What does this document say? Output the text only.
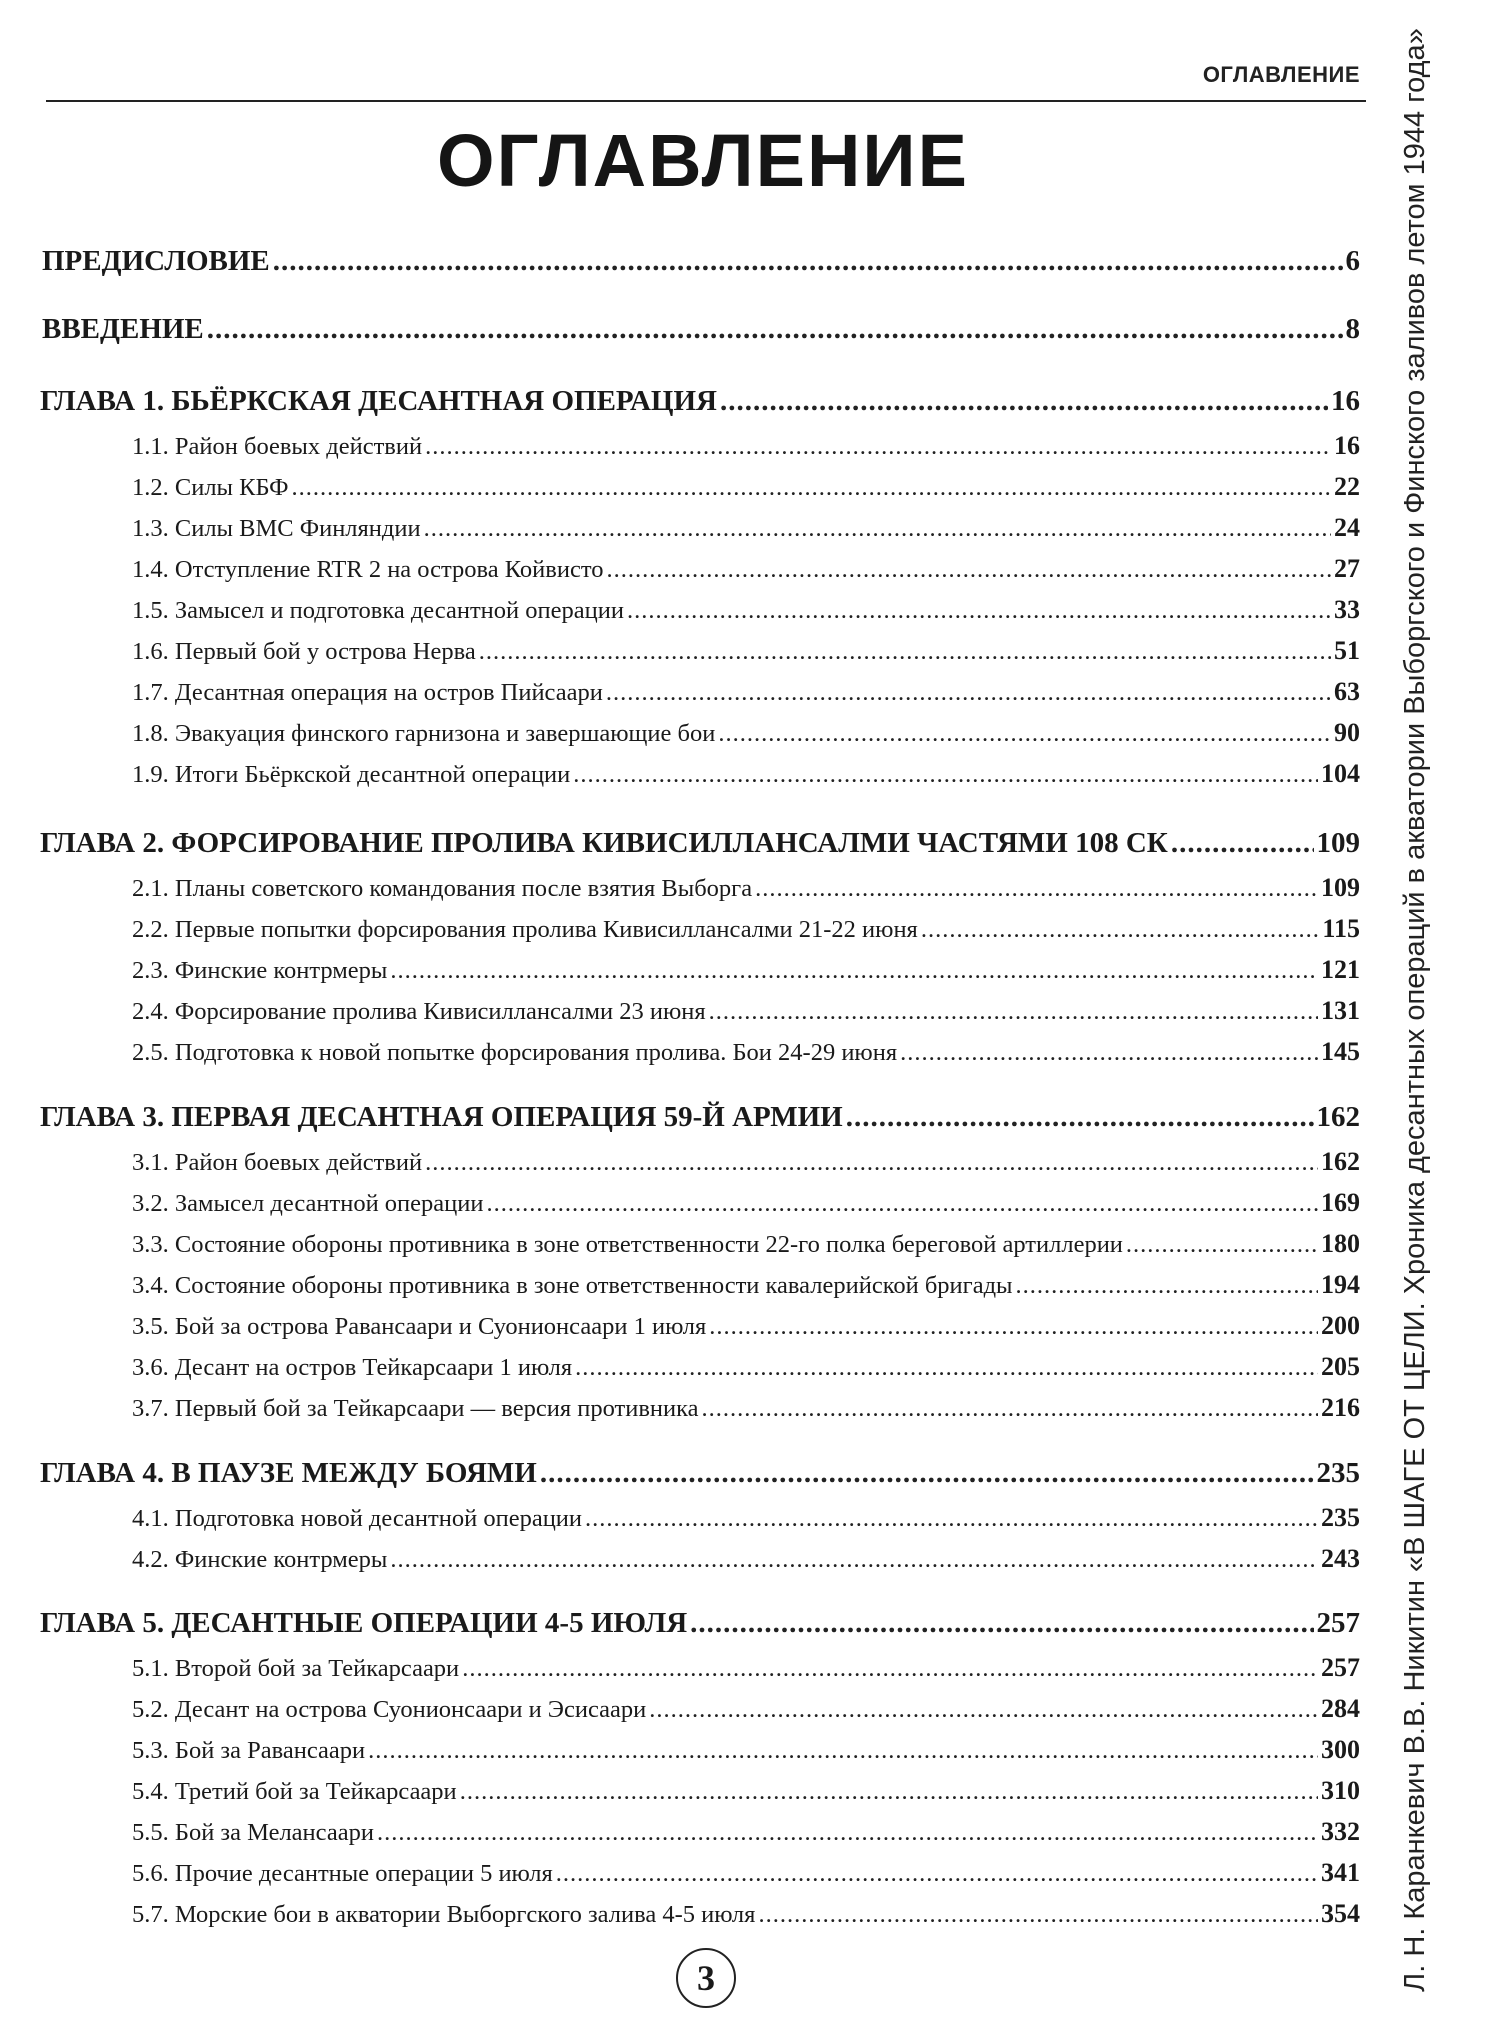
ОГЛАВЛЕНИЕ
ОГЛАВЛЕНИЕ
ПРЕДИСЛОВИЕ .....	6
ВВЕДЕНИЕ .....	8
ГЛАВА 1. БЬЁРКСКАЯ ДЕСАНТНАЯ ОПЕРАЦИЯ .....	16
1.1. Район боевых действий .....	16
1.2. Силы КБФ .....	22
1.3. Силы ВМС Финляндии .....	24
1.4. Отступление RTR 2 на острова Койвисто .....	27
1.5. Замысел и подготовка десантной операции .....	33
1.6. Первый бой у острова Нерва .....	51
1.7. Десантная операция на остров Пийсаари .....	63
1.8. Эвакуация финского гарнизона и завершающие бои .....	90
1.9. Итоги Бьёркской десантной операции .....	104
ГЛАВА 2. ФОРСИРОВАНИЕ ПРОЛИВА КИВИСИЛЛАНСАЛМИ ЧАСТЯМИ 108 СК .....	109
2.1. Планы советского командования после взятия Выборга .....	109
2.2. Первые попытки форсирования пролива Кивисиллансалми 21-22 июня .....	115
2.3. Финские контрмеры .....	121
2.4. Форсирование пролива Кивисиллансалми 23 июня .....	131
2.5. Подготовка к новой попытке форсирования пролива. Бои 24-29 июня .....	145
ГЛАВА 3. ПЕРВАЯ ДЕСАНТНАЯ ОПЕРАЦИЯ 59-Й АРМИИ .....	162
3.1. Район боевых действий .....	162
3.2. Замысел десантной операции .....	169
3.3. Состояние обороны противника в зоне ответственности 22-го полка береговой артиллерии .....	180
3.4. Состояние обороны противника в зоне ответственности кавалерийской бригады .....	194
3.5. Бой за острова Равансаари и Суонионсаари 1 июля .....	200
3.6. Десант на остров Тейкарсаари 1 июля .....	205
3.7. Первый бой за Тейкарсаари — версия противника .....	216
ГЛАВА 4. В ПАУЗЕ МЕЖДУ БОЯМИ .....	235
4.1. Подготовка новой десантной операции .....	235
4.2. Финские контрмеры .....	243
ГЛАВА 5. ДЕСАНТНЫЕ ОПЕРАЦИИ 4-5 ИЮЛЯ .....	257
5.1. Второй бой за Тейкарсаари .....	257
5.2. Десант на острова Суонионсаари и Эсисаари .....	284
5.3. Бой за Равансаари .....	300
5.4. Третий бой за Тейкарсаари .....	310
5.5. Бой за Мелансаари .....	332
5.6. Прочие десантные операции 5 июля .....	341
5.7. Морские бои в акватории Выборгского залива 4-5 июля .....	354
3	Л. Н. Каранкевич В.В. Никитин «В ШАГЕ ОТ ЦЕЛИ. Хроника десантных операций в акватории Выборгского и Финского заливов летом 1944 года»
